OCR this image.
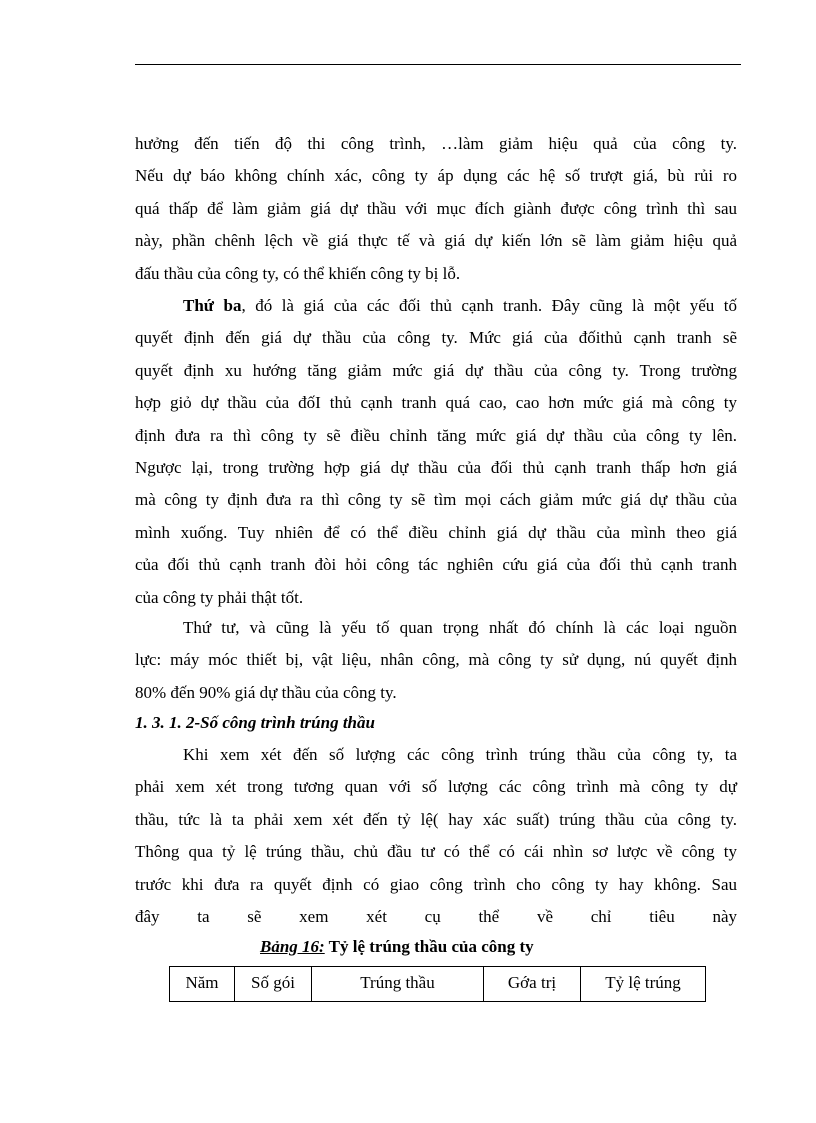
hưởng đến tiến độ thi công trình, …làm giảm hiệu quả của công ty.
Nếu dự báo không chính xác, công ty áp dụng các hệ số trượt giá, bù rủi ro
quá thấp để làm giảm giá dự thầu với mục đích giành được công trình thì sau
này, phần chênh lệch về giá thực tế và giá dự kiến lớn sẽ làm giảm hiệu quả
đấu thầu của công ty, có thể khiến công ty bị lỗ.
Thứ ba, đó là giá của các đối thủ cạnh tranh. Đây cũng là một yếu tố
quyết định đến giá dự thầu của công ty. Mức giá của đốithủ cạnh tranh sẽ
quyết định xu hướng tăng giảm mức giá dự thầu của công ty. Trong trường
hợp giỏ dự thầu của đốI thủ cạnh tranh quá cao, cao hơn mức giá mà công ty
định đưa ra thì công ty sẽ điều chỉnh tăng mức giá dự thầu của công ty lên.
Ngược lại, trong trường hợp giá dự thầu của đối thủ cạnh tranh thấp hơn giá
mà công ty định đưa ra thì công ty sẽ tìm mọi cách giảm mức giá dự thầu của
mình xuống. Tuy nhiên để có thể điều chỉnh giá dự thầu của mình theo giá
của đối thủ cạnh tranh đòi hỏi công tác nghiên cứu giá của đối thủ cạnh tranh
của công ty phải thật tốt.
Thứ tư, và cũng là yếu tố quan trọng nhất đó chính là các loại nguồn
lực: máy móc thiết bị, vật liệu, nhân công, mà công ty sử dụng, nú quyết định
80% đến 90% giá dự thầu của công ty.
1. 3. 1. 2-Số công trình trúng thầu
Khi xem xét đến số lượng các công trình trúng thầu của công ty, ta
phải xem xét trong tương quan với số lượng các công trình mà công ty dự
thầu, tức là ta phải xem xét đến tỷ lệ( hay xác suất) trúng thầu của công ty.
Thông qua tỷ lệ trúng thầu, chủ đầu tư có thể có cái nhìn sơ lược về công ty
trước khi đưa ra quyết định có giao công trình cho công ty hay không. Sau
đây ta sẽ xem xét cụ thể về chỉ tiêu này
Bảng 16: Tỷ lệ trúng thầu của công ty
Năm	Số gói	Trúng thầu	Gớa trị	Tỷ lệ trúng
